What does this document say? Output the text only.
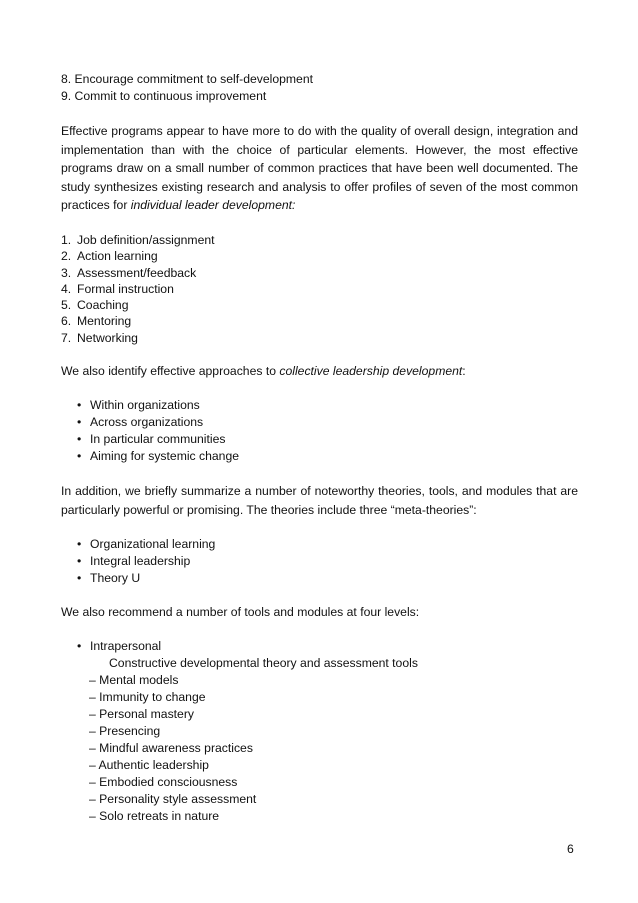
8. Encourage commitment to self-development
9. Commit to continuous improvement
Effective programs appear to have more to do with the quality of overall design, integration and implementation than with the choice of particular elements. However, the most effective programs draw on a small number of common practices that have been well documented. The study synthesizes existing research and analysis to offer profiles of seven of the most common practices for individual leader development:
1. Job definition/assignment
2. Action learning
3. Assessment/feedback
4. Formal instruction
5. Coaching
6. Mentoring
7. Networking
We also identify effective approaches to collective leadership development:
• Within organizations
• Across organizations
• In particular communities
• Aiming for systemic change
In addition, we briefly summarize a number of noteworthy theories, tools, and modules that are particularly powerful or promising. The theories include three “meta-theories”:
• Organizational learning
• Integral leadership
• Theory U
We also recommend a number of tools and modules at four levels:
• Intrapersonal
Constructive developmental theory and assessment tools
– Mental models
– Immunity to change
– Personal mastery
– Presencing
– Mindful awareness practices
– Authentic leadership
– Embodied consciousness
– Personality style assessment
– Solo retreats in nature
6
